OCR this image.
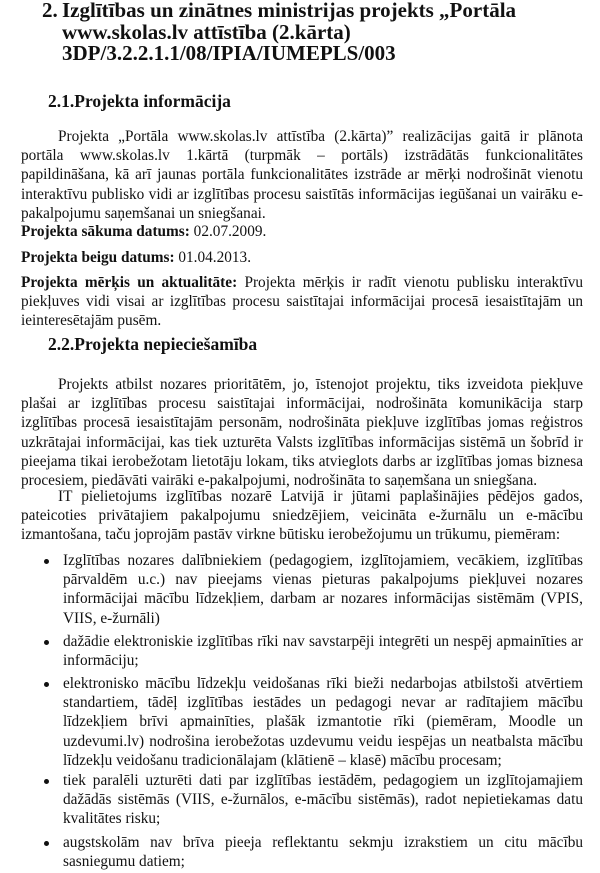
2. Izglītības un zinātnes ministrijas projekts „Portāla
www.skolas.lv attīstība (2.kārta)
3DP/3.2.2.1.1/08/IPIA/IUMEPLS/003
2.1.Projekta informācija
Projekta „Portāla www.skolas.lv attīstība (2.kārta)” realizācijas gaitā ir plānota portāla www.skolas.lv 1.kārtā (turpmāk – portāls) izstrādātās funkcionalitātes papildināšana, kā arī jaunas portāla funkcionalitātes izstrāde ar mērķi nodrošināt vienotu interaktīvu publisko vidi ar izglītības procesu saistītās informācijas iegūšanai un vairāku e-pakalpojumu saņemšanai un sniegšanai.
Projekta sākuma datums: 02.07.2009.
Projekta beigu datums: 01.04.2013.
Projekta mērķis un aktualitāte: Projekta mērķis ir radīt vienotu publisku interaktīvu piekļuves vidi visai ar izglītības procesu saistītajai informācijai procesā iesaistītajām un ieinteresētajām pusēm.
2.2.Projekta nepieciešamība
Projekts atbilst nozares prioritātēm, jo, īstenojot projektu, tiks izveidota piekļuve plašai ar izglītības procesu saistītajai informācijai, nodrošināta komunikācija starp izglītības procesā iesaistītajām personām, nodrošināta piekļuve izglītības jomas reģistros uzkrātajai informācijai, kas tiek uzturēta Valsts izglītības informācijas sistēmā un šobrīd ir pieejama tikai ierobežotam lietotāju lokam, tiks atvieglots darbs ar izglītības jomas biznesa procesiem, piedāvāti vairāki e-pakalpojumi, nodrošināta to saņemšana un sniegšana.
IT pielietojums izglītības nozarē Latvijā ir jūtami paplašinājies pēdējos gados, pateicoties privātajiem pakalpojumu sniedzējiem, veicināta e-žurnālu un e-mācību izmantošana, taču joprojām pastāv virkne būtisku ierobežojumu un trūkumu, piemēram:
Izglītības nozares dalībniekiem (pedagogiem, izglītojamiem, vecākiem, izglītības pārvaldēm u.c.) nav pieejams vienas pieturas pakalpojums piekļuvei nozares informācijai mācību līdzekļiem, darbam ar nozares informācijas sistēmām (VPIS, VIIS, e-žurnāli)
dažādie elektroniskie izglītības rīki nav savstarpēji integrēti un nespēj apmainīties ar informāciju;
elektronisko mācību līdzekļu veidošanas rīki bieži nedarbojas atbilstoši atvērtiem standartiem, tādēļ izglītības iestādes un pedagogi nevar ar radītajiem mācību līdzekļiem brīvi apmainīties, plašāk izmantotie rīki (piemēram, Moodle un uzdevumi.lv) nodrošina ierobežotas uzdevumu veidu iespējas un neatbalsta mācību līdzekļu veidošanu tradicionālajam (klātienē – klasē) mācību procesam;
tiek paralēli uzturēti dati par izglītības iestādēm, pedagogiem un izglītojamajiem dažādās sistēmās (VIIS, e-žurnālos, e-mācību sistēmās), radot nepietiekamas datu kvalitātes risku;
augstskolām nav brīva pieeja reflektantu sekmju izrakstiem un citu mācību sasniegumu datiem;
